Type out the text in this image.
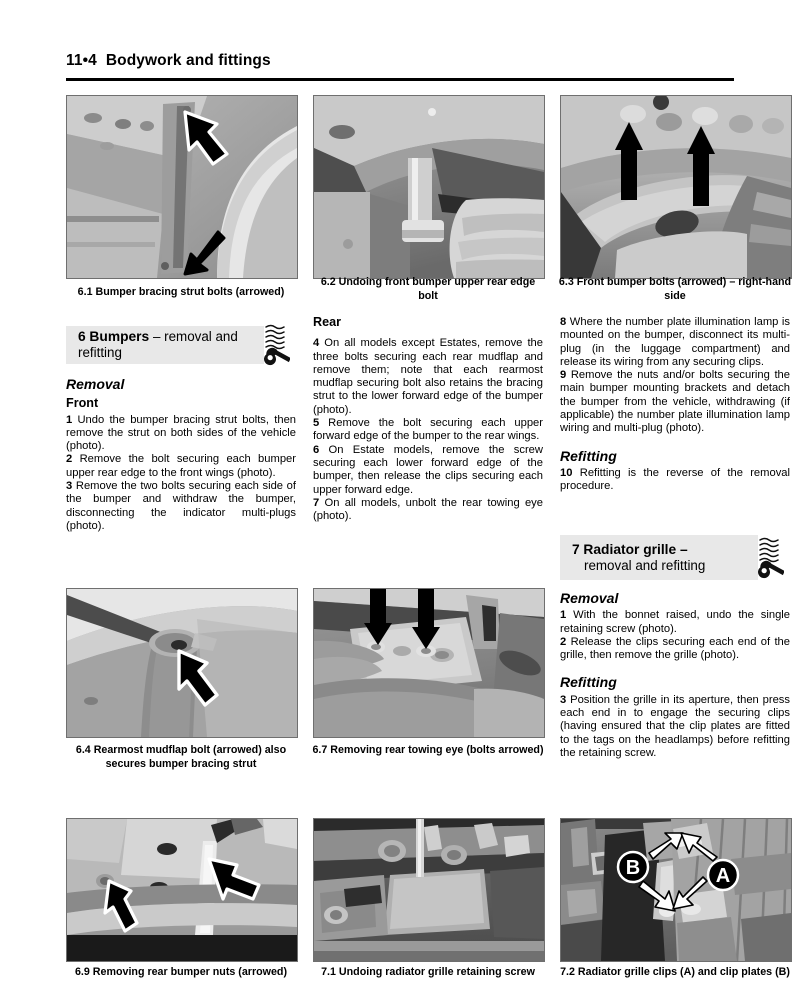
11•4 Bodywork and fittings
6.1 Bumper bracing strut bolts (arrowed)
6.2 Undoing front bumper upper rear edge bolt
6.3 Front bumper bolts (arrowed) – right-hand side
6 Bumpers – removal and refitting
Removal
Front

1 Undo the bumper bracing strut bolts, then remove the strut on both sides of the vehicle (photo).

2 Remove the bolt securing each bumper upper rear edge to the front wings (photo).

3 Remove the two bolts securing each side of the bumper and withdraw the bumper, disconnecting the indicator multi-plugs (photo).

Rear

4 On all models except Estates, remove the three bolts securing each rear mudflap and remove them; note that each rearmost mudflap securing bolt also retains the bracing strut to the lower forward edge of the bumper (photo).

5 Remove the bolt securing each upper forward edge of the bumper to the rear wings.

6 On Estate models, remove the screw securing each lower forward edge of the bumper, then release the clips securing each upper forward edge.

7 On all models, unbolt the rear towing eye (photo).

8 Where the number plate illumination lamp is mounted on the bumper, disconnect its multi-plug (in the luggage compartment) and release its wiring from any securing clips.

9 Remove the nuts and/or bolts securing the main bumper mounting brackets and detach the bumper from the vehicle, withdrawing (if applicable) the number plate illumination lamp wiring and multi-plug (photo).

Refitting

10 Refitting is the reverse of the removal procedure.

7 Radiator grille –
removal and refitting
Removal

1 With the bonnet raised, undo the single retaining screw (photo).

2 Release the clips securing each end of the grille, then remove the grille (photo).

Refitting

3 Position the grille in its aperture, then press each end in to engage the securing clips (having ensured that the clip plates are fitted to the tags on the headlamps) before refitting the retaining screw.

6.4 Rearmost mudflap bolt (arrowed) also secures bumper bracing strut
6.7 Removing rear towing eye (bolts arrowed)
6.9 Removing rear bumper nuts (arrowed)	7.1 Undoing radiator grille retaining screw
B	A
7.2 Radiator grille clips (A) and clip plates (B)
